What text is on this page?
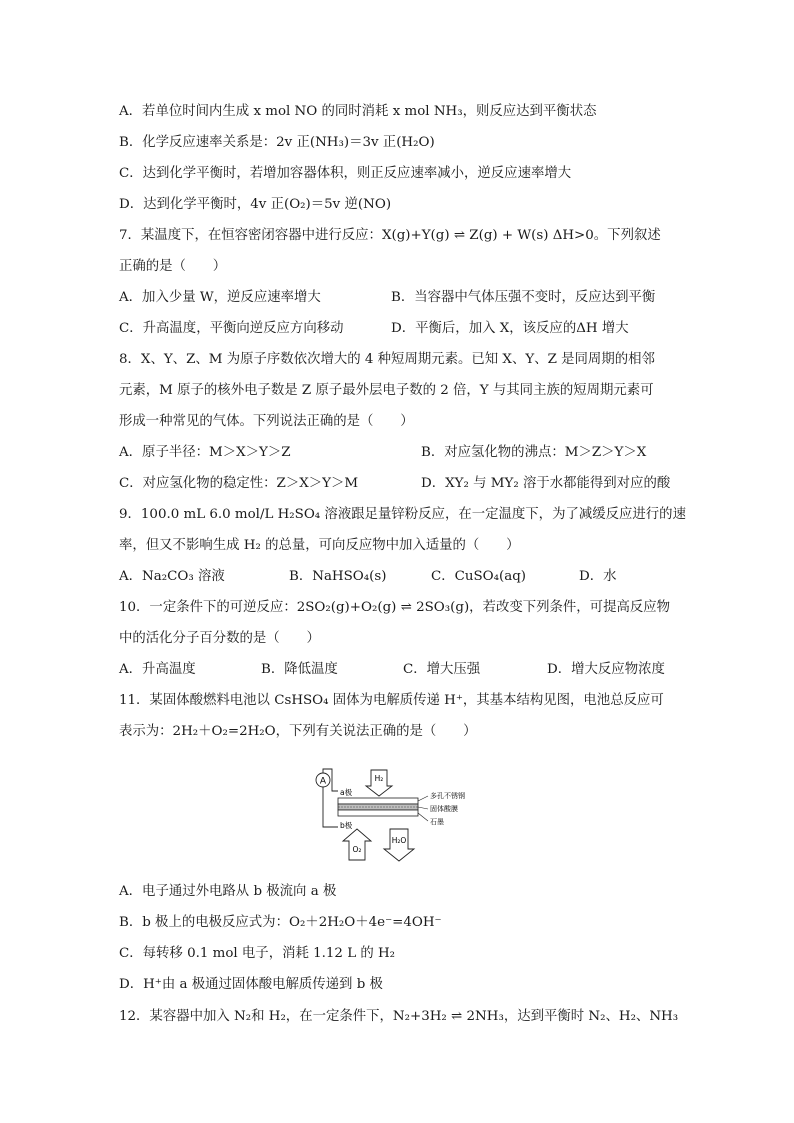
A．若单位时间内生成 x mol NO 的同时消耗 x mol NH₃，则反应达到平衡状态
B．化学反应速率关系是：2v 正(NH₃)＝3v 正(H₂O)
C．达到化学平衡时，若增加容器体积，则正反应速率减小，逆反应速率增大
D．达到化学平衡时，4v 正(O₂)＝5v 逆(NO)
7．某温度下，在恒容密闭容器中进行反应：X(g)+Y(g) ⇌ Z(g) + W(s) ΔH>0。下列叙述
正确的是（　　）
A．加入少量 W，逆反应速率增大	B．当容器中气体压强不变时，反应达到平衡
C．升高温度，平衡向逆反应方向移动	D．平衡后，加入 X，该反应的ΔH 增大
8．X、Y、Z、M 为原子序数依次增大的 4 种短周期元素。已知 X、Y、Z 是同周期的相邻
元素，M 原子的核外电子数是 Z 原子最外层电子数的 2 倍，Y 与其同主族的短周期元素可
形成一种常见的气体。下列说法正确的是（　　）
A．原子半径：M＞X＞Y＞Z	B．对应氢化物的沸点：M＞Z＞Y＞X
C．对应氢化物的稳定性：Z＞X＞Y＞M	D．XY₂ 与 MY₂ 溶于水都能得到对应的酸
9．100.0 mL 6.0 mol/L H₂SO₄ 溶液跟足量锌粉反应，在一定温度下，为了减缓反应进行的速
率，但又不影响生成 H₂ 的总量，可向反应物中加入适量的（　　）
A．Na₂CO₃ 溶液	B．NaHSO₄(s)	C．CuSO₄(aq)	D．水
10．一定条件下的可逆反应：2SO₂(g)+O₂(g) ⇌ 2SO₃(g)，若改变下列条件，可提高反应物
中的活化分子百分数的是（　　）
A．升高温度	B．降低温度	C．增大压强	D．增大反应物浓度
11．某固体酸燃料电池以 CsHSO₄ 固体为电解质传递 H⁺，其基本结构见图，电池总反应可
表示为：2H₂＋O₂=2H₂O，下列有关说法正确的是（　　）
A
a极
b极
H₂
O₂
H₂O
多孔不锈钢
固体酸膜
石墨
A．电子通过外电路从 b 极流向 a 极
B．b 极上的电极反应式为：O₂＋2H₂O＋4e⁻=4OH⁻
C．每转移 0.1 mol 电子，消耗 1.12 L 的 H₂
D．H⁺由 a 极通过固体酸电解质传递到 b 极
12．某容器中加入 N₂和 H₂，在一定条件下，N₂+3H₂ ⇌ 2NH₃，达到平衡时 N₂、H₂、NH₃
